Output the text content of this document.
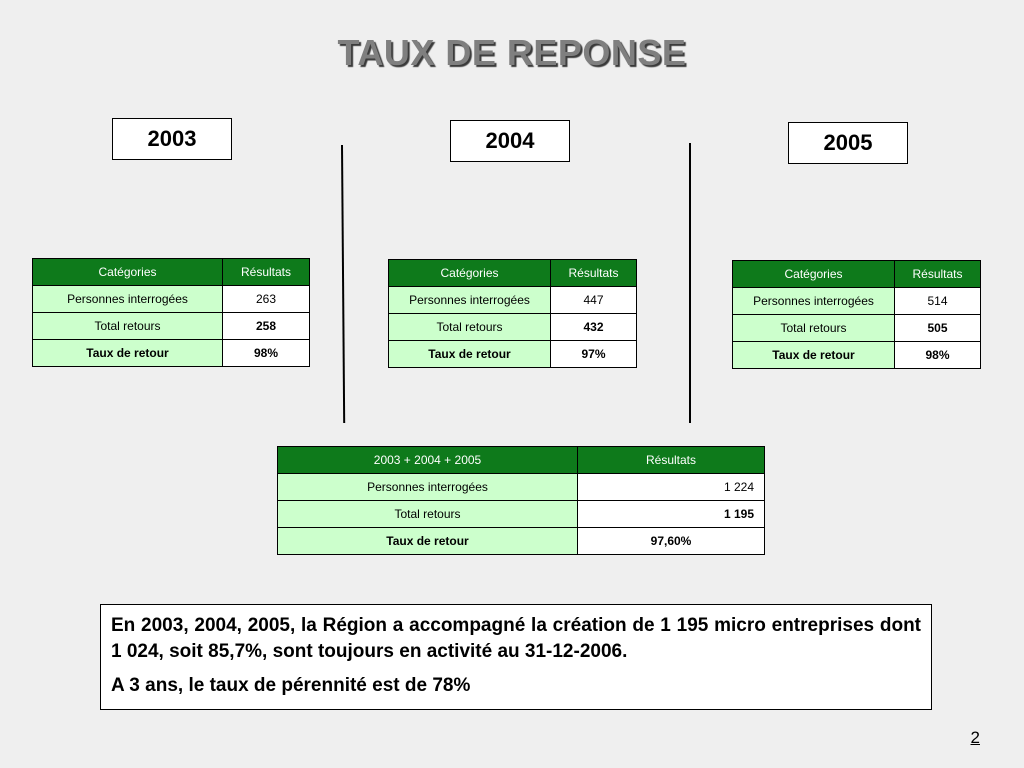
TAUX DE REPONSE
2003	2004	2005
Catégories	Résultats
Personnes interrogées	263
Total retours	258
Taux de retour	98%
Catégories	Résultats
Personnes interrogées	447
Total retours	432
Taux de retour	97%
Catégories	Résultats
Personnes interrogées	514
Total retours	505
Taux de retour	98%
2003 + 2004 + 2005	Résultats
Personnes interrogées	1 224
Total retours	1 195
Taux de retour	97,60%

En 2003, 2004, 2005, la Région a accompagné la création de 1 195 micro entreprises dont 1 024, soit 85,7%, sont toujours en activité au 31-12-2006.

A 3 ans, le taux de pérennité est de 78%

2
